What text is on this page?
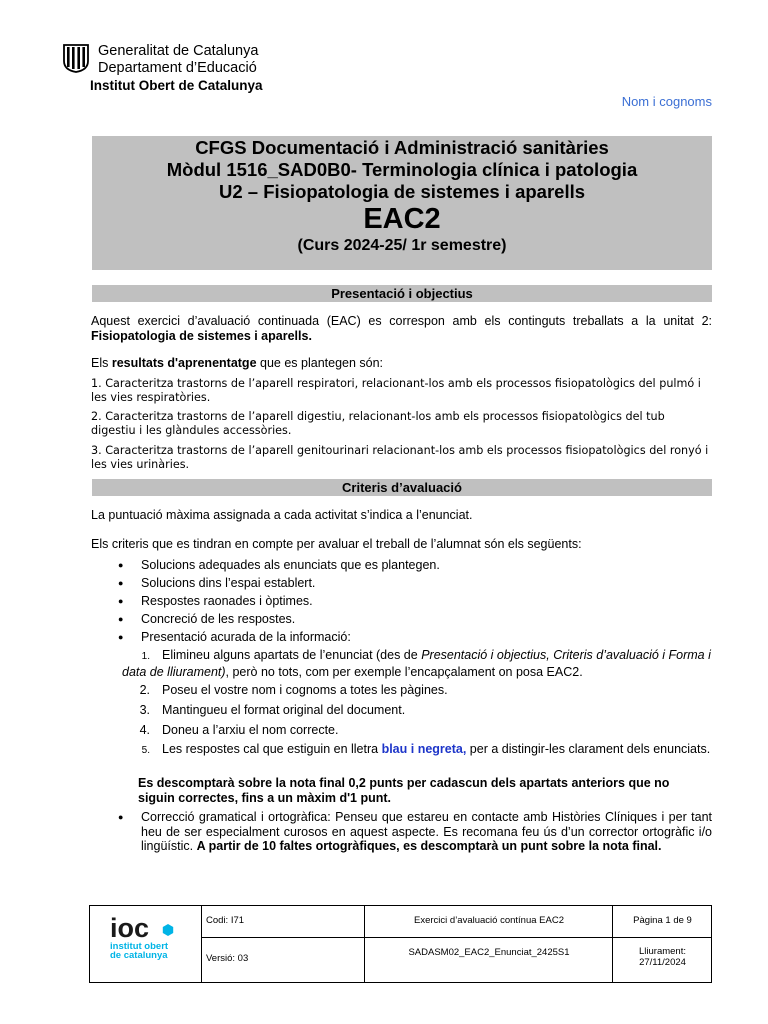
Generalitat de Catalunya
Departament d’Educació
Institut Obert de Catalunya
Nom i cognoms
CFGS Documentació i Administració sanitàries
Mòdul 1516_SAD0B0- Terminologia clínica i patologia
U2 – Fisiopatologia de sistemes i aparells
EAC2
(Curs 2024-25/ 1r semestre)
Presentació i objectius
Aquest exercici d’avaluació continuada (EAC) es correspon amb els continguts treballats a la unitat 2: Fisiopatologia de sistemes i aparells.
Els resultats d'aprenentatge que es plantegen són:
1. Caracteritza trastorns de l’aparell respiratori, relacionant-los amb els processos fisiopatològics del pulmó i les vies respiratòries.
2. Caracteritza trastorns de l’aparell digestiu, relacionant-los amb els processos fisiopatològics del tub digestiu i les glàndules accessòries.
3. Caracteritza trastorns de l’aparell genitourinari relacionant-los amb els processos fisiopatològics del ronyó i les vies urinàries.
Criteris d’avaluació
La puntuació màxima assignada a cada activitat s’indica a l’enunciat.
Els criteris que es tindran en compte per avaluar el treball de l’alumnat són els següents:
● Solucions adequades als enunciats que es plantegen.
● Solucions dins l’espai establert.
● Respostes raonades i òptimes.
● Concreció de les respostes.
● Presentació acurada de la informació:
1. Elimineu alguns apartats de l’enunciat (des de Presentació i objectius, Criteris d’avaluació i Forma i data de lliurament), però no tots, com per exemple l’encapçalament on posa EAC2.
2. Poseu el vostre nom i cognoms a totes les pàgines.
3. Mantingueu el format original del document.
4. Doneu a l’arxiu el nom correcte.
5. Les respostes cal que estiguin en lletra blau i negreta, per a distingir-les clarament dels enunciats.
Es descomptarà sobre la nota final 0,2 punts per cadascun dels apartats anteriors que no siguin correctes, fins a un màxim d'1 punt.
● Correcció gramatical i ortogràfica: Penseu que estareu en contacte amb Històries Clíniques i per tant heu de ser especialment curosos en aquest aspecte. Es recomana feu ús d’un corrector ortogràfic i/o lingüístic. A partir de 10 faltes ortogràfiques, es descomptarà un punt sobre la nota final.
ioc
institut obert
de catalunya
Codi: I71
Versió: 03
Exercici d’avaluació contínua EAC2
SADASM02_EAC2_Enunciat_2425S1
Pàgina 1 de 9
Lliurament:
27/11/2024
